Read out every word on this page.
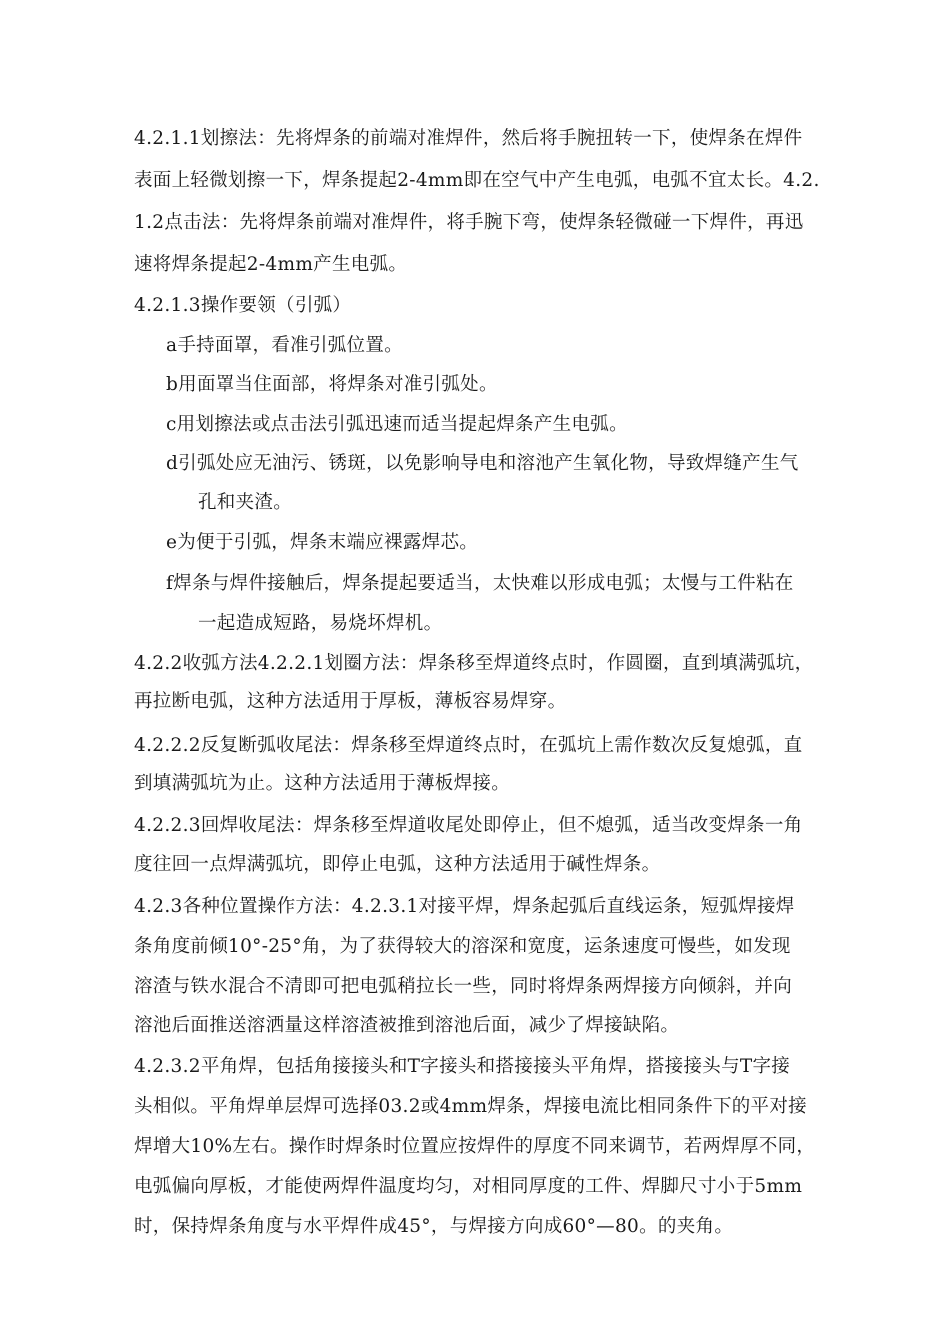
4.2.1.1划擦法：先将焊条的前端对准焊件，然后将手腕扭转一下，使焊条在焊件
表面上轻微划擦一下，焊条提起2-4mm即在空气中产生电弧，电弧不宜太长。4.2.
1.2点击法：先将焊条前端对准焊件，将手腕下弯，使焊条轻微碰一下焊件，再迅
速将焊条提起2-4mm产生电弧。
4.2.1.3操作要领（引弧）
a手持面罩，看准引弧位置。
b用面罩当住面部，将焊条对准引弧处。
c用划擦法或点击法引弧迅速而适当提起焊条产生电弧。
d引弧处应无油污、锈斑，以免影响导电和溶池产生氧化物，导致焊缝产生气
孔和夹渣。
e为便于引弧，焊条末端应裸露焊芯。
f焊条与焊件接触后，焊条提起要适当，太快难以形成电弧；太慢与工件粘在
一起造成短路，易烧坏焊机。
4.2.2收弧方法4.2.2.1划圈方法：焊条移至焊道终点时，作圆圈，直到填满弧坑，
再拉断电弧，这种方法适用于厚板，薄板容易焊穿。
4.2.2.2反复断弧收尾法：焊条移至焊道终点时，在弧坑上需作数次反复熄弧，直
到填满弧坑为止。这种方法适用于薄板焊接。
4.2.2.3回焊收尾法：焊条移至焊道收尾处即停止，但不熄弧，适当改变焊条一角
度往回一点焊满弧坑，即停止电弧，这种方法适用于碱性焊条。
4.2.3各种位置操作方法：4.2.3.1对接平焊，焊条起弧后直线运条，短弧焊接焊
条角度前倾10°-25°角，为了获得较大的溶深和宽度，运条速度可慢些，如发现
溶渣与铁水混合不清即可把电弧稍拉长一些，同时将焊条两焊接方向倾斜，并向
溶池后面推送溶洒量这样溶渣被推到溶池后面，减少了焊接缺陷。
4.2.3.2平角焊，包括角接接头和T字接头和搭接接头平角焊，搭接接头与T字接
头相似。平角焊单层焊可选择03.2或4mm焊条，焊接电流比相同条件下的平对接
焊增大10%左右。操作时焊条时位置应按焊件的厚度不同来调节，若两焊厚不同，
电弧偏向厚板，才能使两焊件温度均匀，对相同厚度的工件、焊脚尺寸小于5mm
时，保持焊条角度与水平焊件成45°，与焊接方向成60°—80。的夹角。
